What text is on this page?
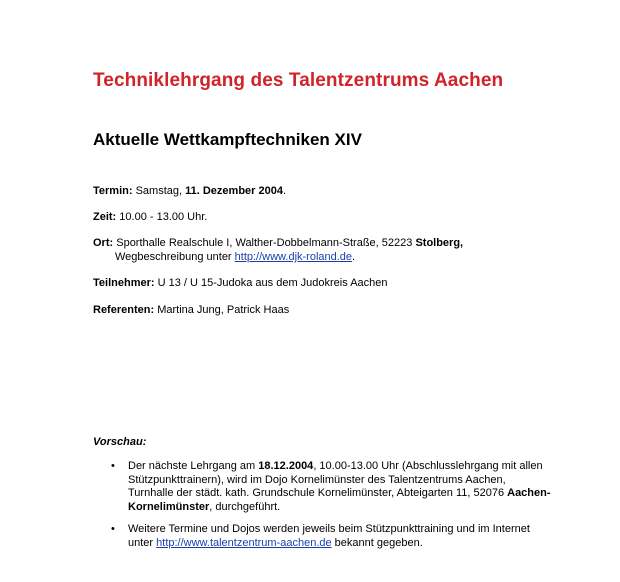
Techniklehrgang des Talentzentrums Aachen
Aktuelle Wettkampftechniken XIV
Termin: Samstag, 11. Dezember 2004.
Zeit: 10.00 - 13.00 Uhr.
Ort: Sporthalle Realschule I, Walther-Dobbelmann-Straße, 52223 Stolberg,
Wegbeschreibung unter http://www.djk-roland.de.
Teilnehmer: U 13 / U 15-Judoka aus dem Judokreis Aachen
Referenten: Martina Jung, Patrick Haas
Vorschau:
• Der nächste Lehrgang am 18.12.2004, 10.00-13.00 Uhr (Abschlusslehrgang mit allen Stützpunkttrainern), wird im Dojo Kornelimünster des Talentzentrums Aachen, Turnhalle der städt. kath. Grundschule Kornelimünster, Abteigarten 11, 52076 Aachen-Kornelimünster, durchgeführt.
• Weitere Termine und Dojos werden jeweils beim Stützpunkttraining und im Internet unter http://www.talentzentrum-aachen.de bekannt gegeben.
